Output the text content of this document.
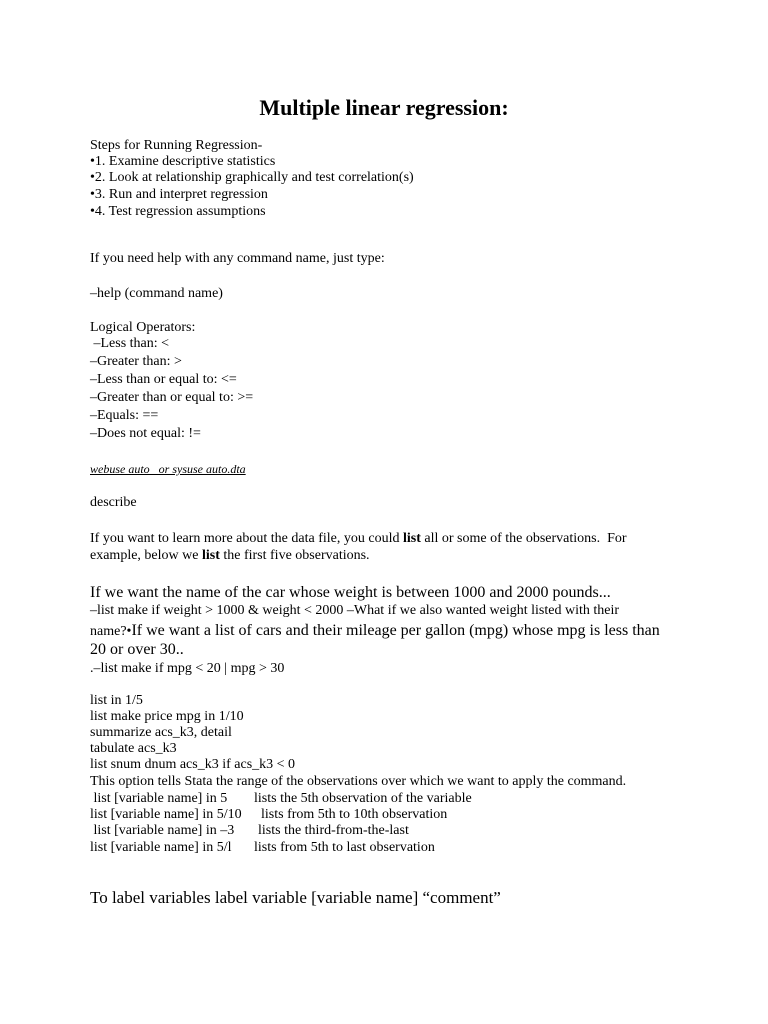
Multiple linear regression:
Steps for Running Regression-
•1. Examine descriptive statistics
•2. Look at relationship graphically and test correlation(s)
•3. Run and interpret regression
•4. Test regression assumptions
If you need help with any command name, just type:
–help (command name)
Logical Operators:
–Less than: <
–Greater than: >
–Less than or equal to: <=
–Greater than or equal to: >=
–Equals: ==
–Does not equal: !=
webuse auto   or sysuse auto.dta
describe
If you want to learn more about the data file, you could list all or some of the observations.  For
example, below we list the first five observations.
If we want the name of the car whose weight is between 1000 and 2000 pounds...
–list make if weight > 1000 & weight < 2000 –What if we also wanted weight listed with their
name?•If we want a list of cars and their mileage per gallon (mpg) whose mpg is less than
20 or over 30..
.–list make if mpg < 20 | mpg > 30
list in 1/5
list make price mpg in 1/10
summarize acs_k3, detail
tabulate acs_k3
list snum dnum acs_k3 if acs_k3 < 0
This option tells Stata the range of the observations over which we want to apply the command.
list [variable name] in 5 lists the 5th observation of the variable
list [variable name] in 5/10 lists from 5th to 10th observation
list [variable name] in –3 lists the third-from-the-last
list [variable name] in 5/l lists from 5th to last observation
To label variables label variable [variable name] “comment”
